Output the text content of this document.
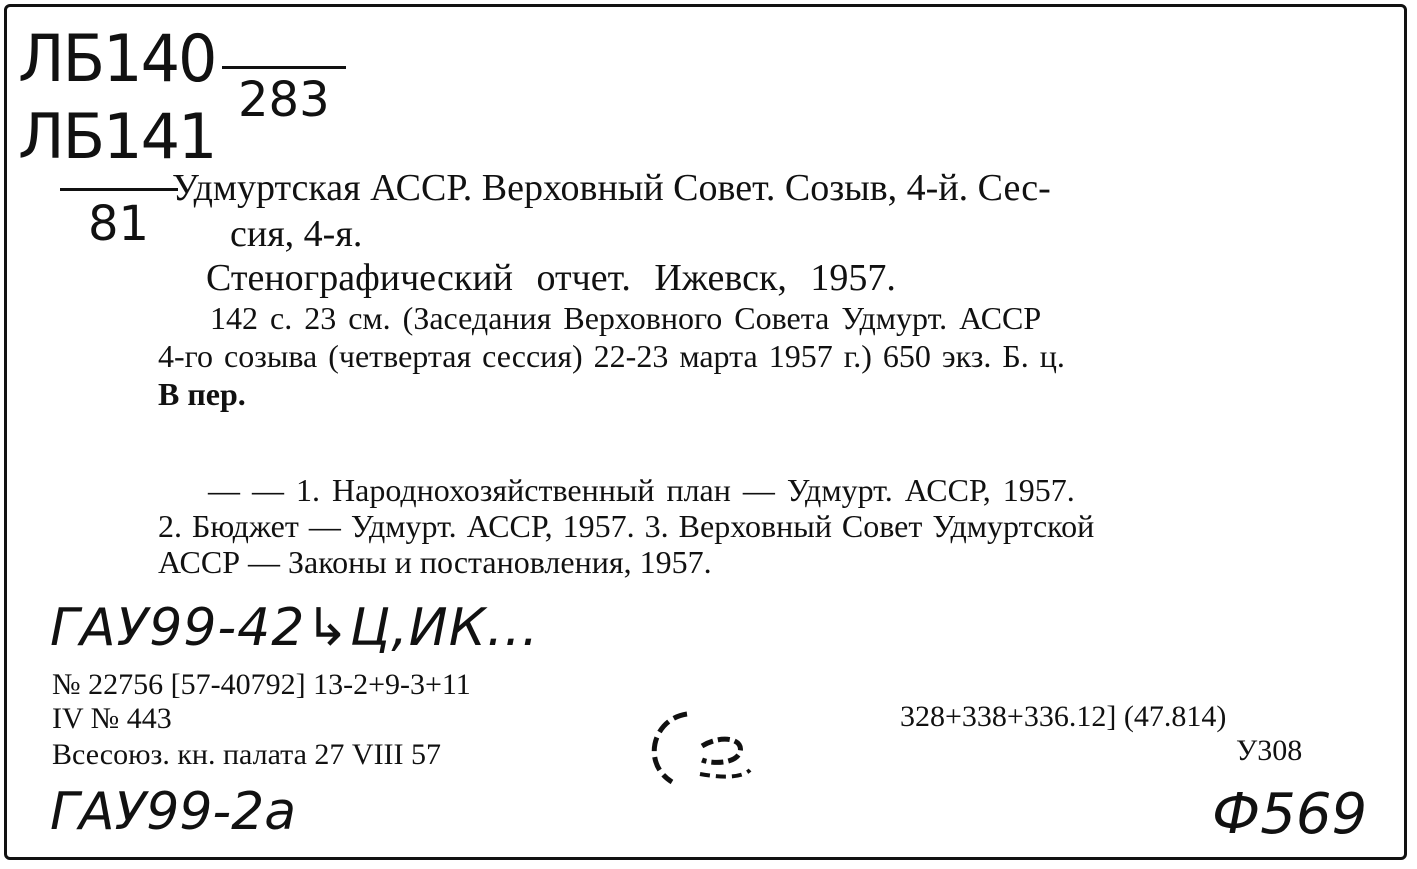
ЛБ140
283
ЛБ141
81
Удмуртская АССР. Верховный Совет. Созыв, 4-й. Сес-
сия, 4-я.
Стенографический отчет. Ижевск, 1957.
142 с. 23 см. (Заседания Верховного Совета Удмурт. АССР
4-го созыва (четвертая сессия) 22-23 марта 1957 г.) 650 экз. Б. ц.
В пер.
— — 1. Народнохозяйственный план — Удмурт. АССР, 1957.
2. Бюджет — Удмурт. АССР, 1957. 3. Верховный Совет Удмуртской
АССР — Законы и постановления, 1957.
ГАУ99-42↳Ц,ИК...
№ 22756 [57-40792] 13-2+9-3+11
IV № 443
Всесоюз. кн. палата 27 VIII 57
328+338+336.12] (47.814)
У308
ГАУ99-2а	Ф569
